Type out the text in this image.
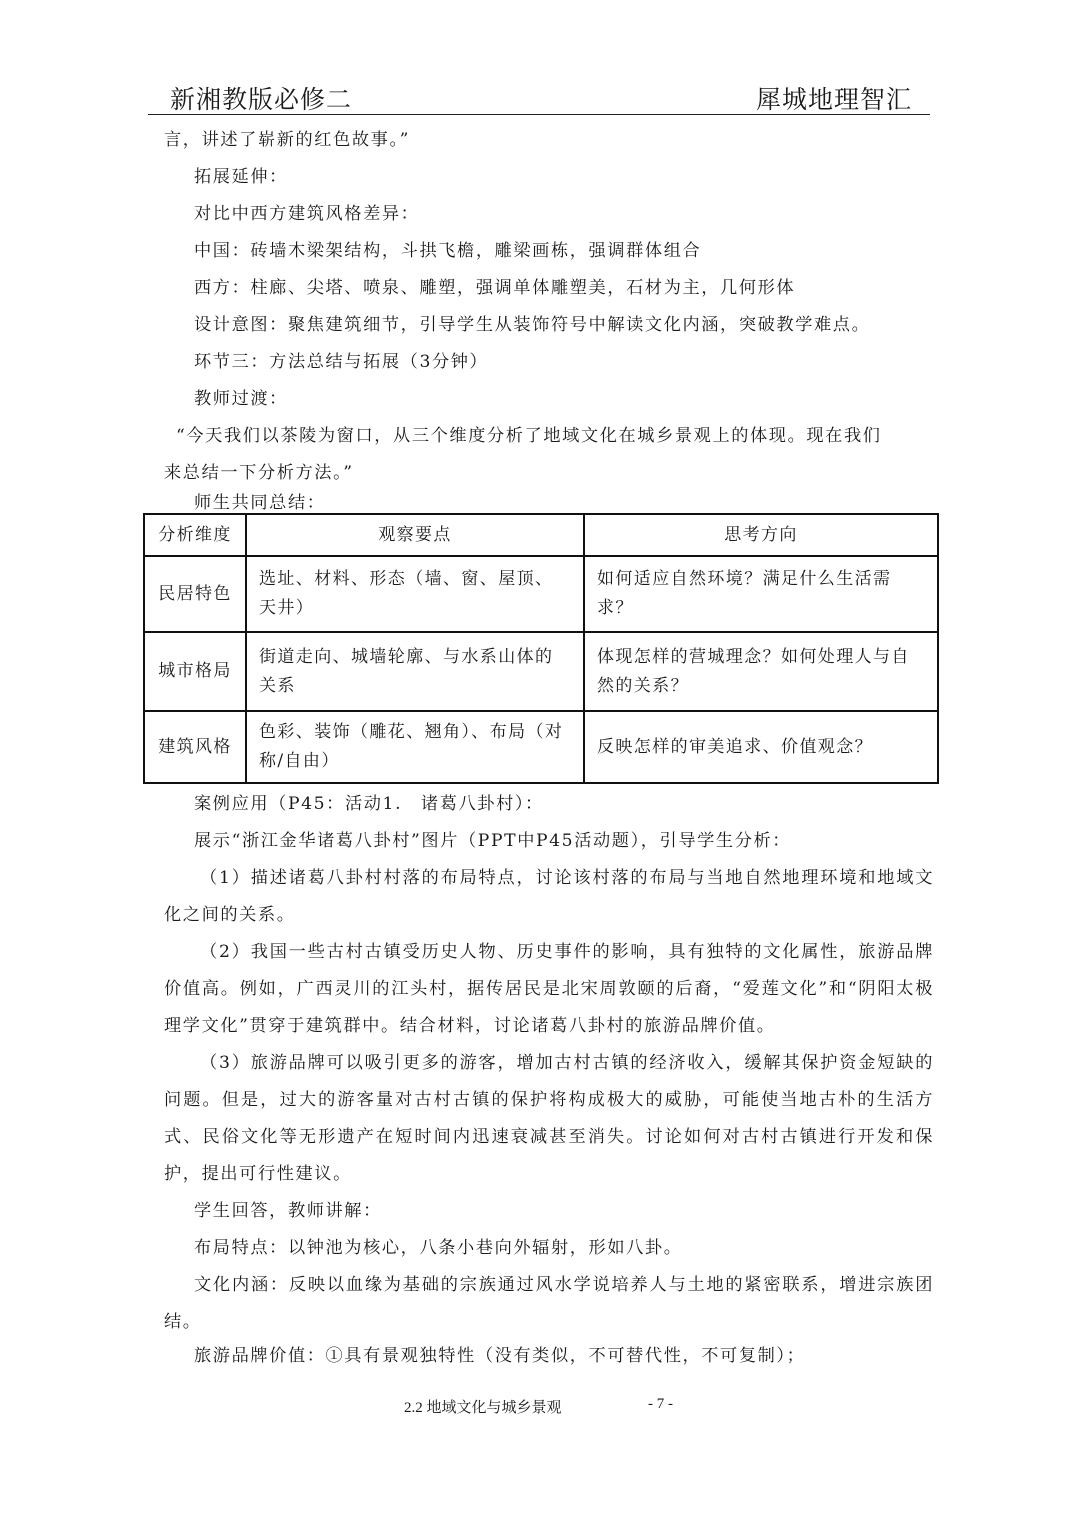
新湘教版必修二	犀城地理智汇

言，讲述了崭新的红色故事。”

拓展延伸：

对比中西方建筑风格差异：

中国：砖墙木梁架结构，斗拱飞檐，雕梁画栋，强调群体组合

西方：柱廊、尖塔、喷泉、雕塑，强调单体雕塑美，石材为主，几何形体

设计意图：聚焦建筑细节，引导学生从装饰符号中解读文化内涵，突破教学难点。

环节三：方法总结与拓展（3分钟）

教师过渡：

“今天我们以茶陵为窗口，从三个维度分析了地域文化在城乡景观上的体现。现在我们

来总结一下分析方法。”

师生共同总结：

分析维度	观察要点	思考方向
民居特色	选址、材料、形态（墙、窗、屋顶、天井）	如何适应自然环境？满足什么生活需求？
城市格局	街道走向、城墙轮廓、与水系山体的关系	体现怎样的营城理念？如何处理人与自然的关系？
建筑风格	色彩、装饰（雕花、翘角）、布局（对称/自由）	反映怎样的审美追求、价值观念？

案例应用（P45：活动1.　诸葛八卦村）：

展示“浙江金华诸葛八卦村”图片（PPT中P45活动题），引导学生分析：

（1）描述诸葛八卦村村落的布局特点，讨论该村落的布局与当地自然地理环境和地域文化之间的关系。

（2）我国一些古村古镇受历史人物、历史事件的影响，具有独特的文化属性，旅游品牌价值高。例如，广西灵川的江头村，据传居民是北宋周敦颐的后裔，“爱莲文化”和“阴阳太极理学文化”贯穿于建筑群中。结合材料，讨论诸葛八卦村的旅游品牌价值。

（3）旅游品牌可以吸引更多的游客，增加古村古镇的经济收入，缓解其保护资金短缺的问题。但是，过大的游客量对古村古镇的保护将构成极大的威胁，可能使当地古朴的生活方式、民俗文化等无形遗产在短时间内迅速衰减甚至消失。讨论如何对古村古镇进行开发和保护，提出可行性建议。

学生回答，教师讲解：

布局特点：以钟池为核心，八条小巷向外辐射，形如八卦。

文化内涵：反映以血缘为基础的宗族通过风水学说培养人与土地的紧密联系，增进宗族团结。

旅游品牌价值：①具有景观独特性（没有类似，不可替代性，不可复制）；

2.2 地域文化与城乡景观	- 7 -
